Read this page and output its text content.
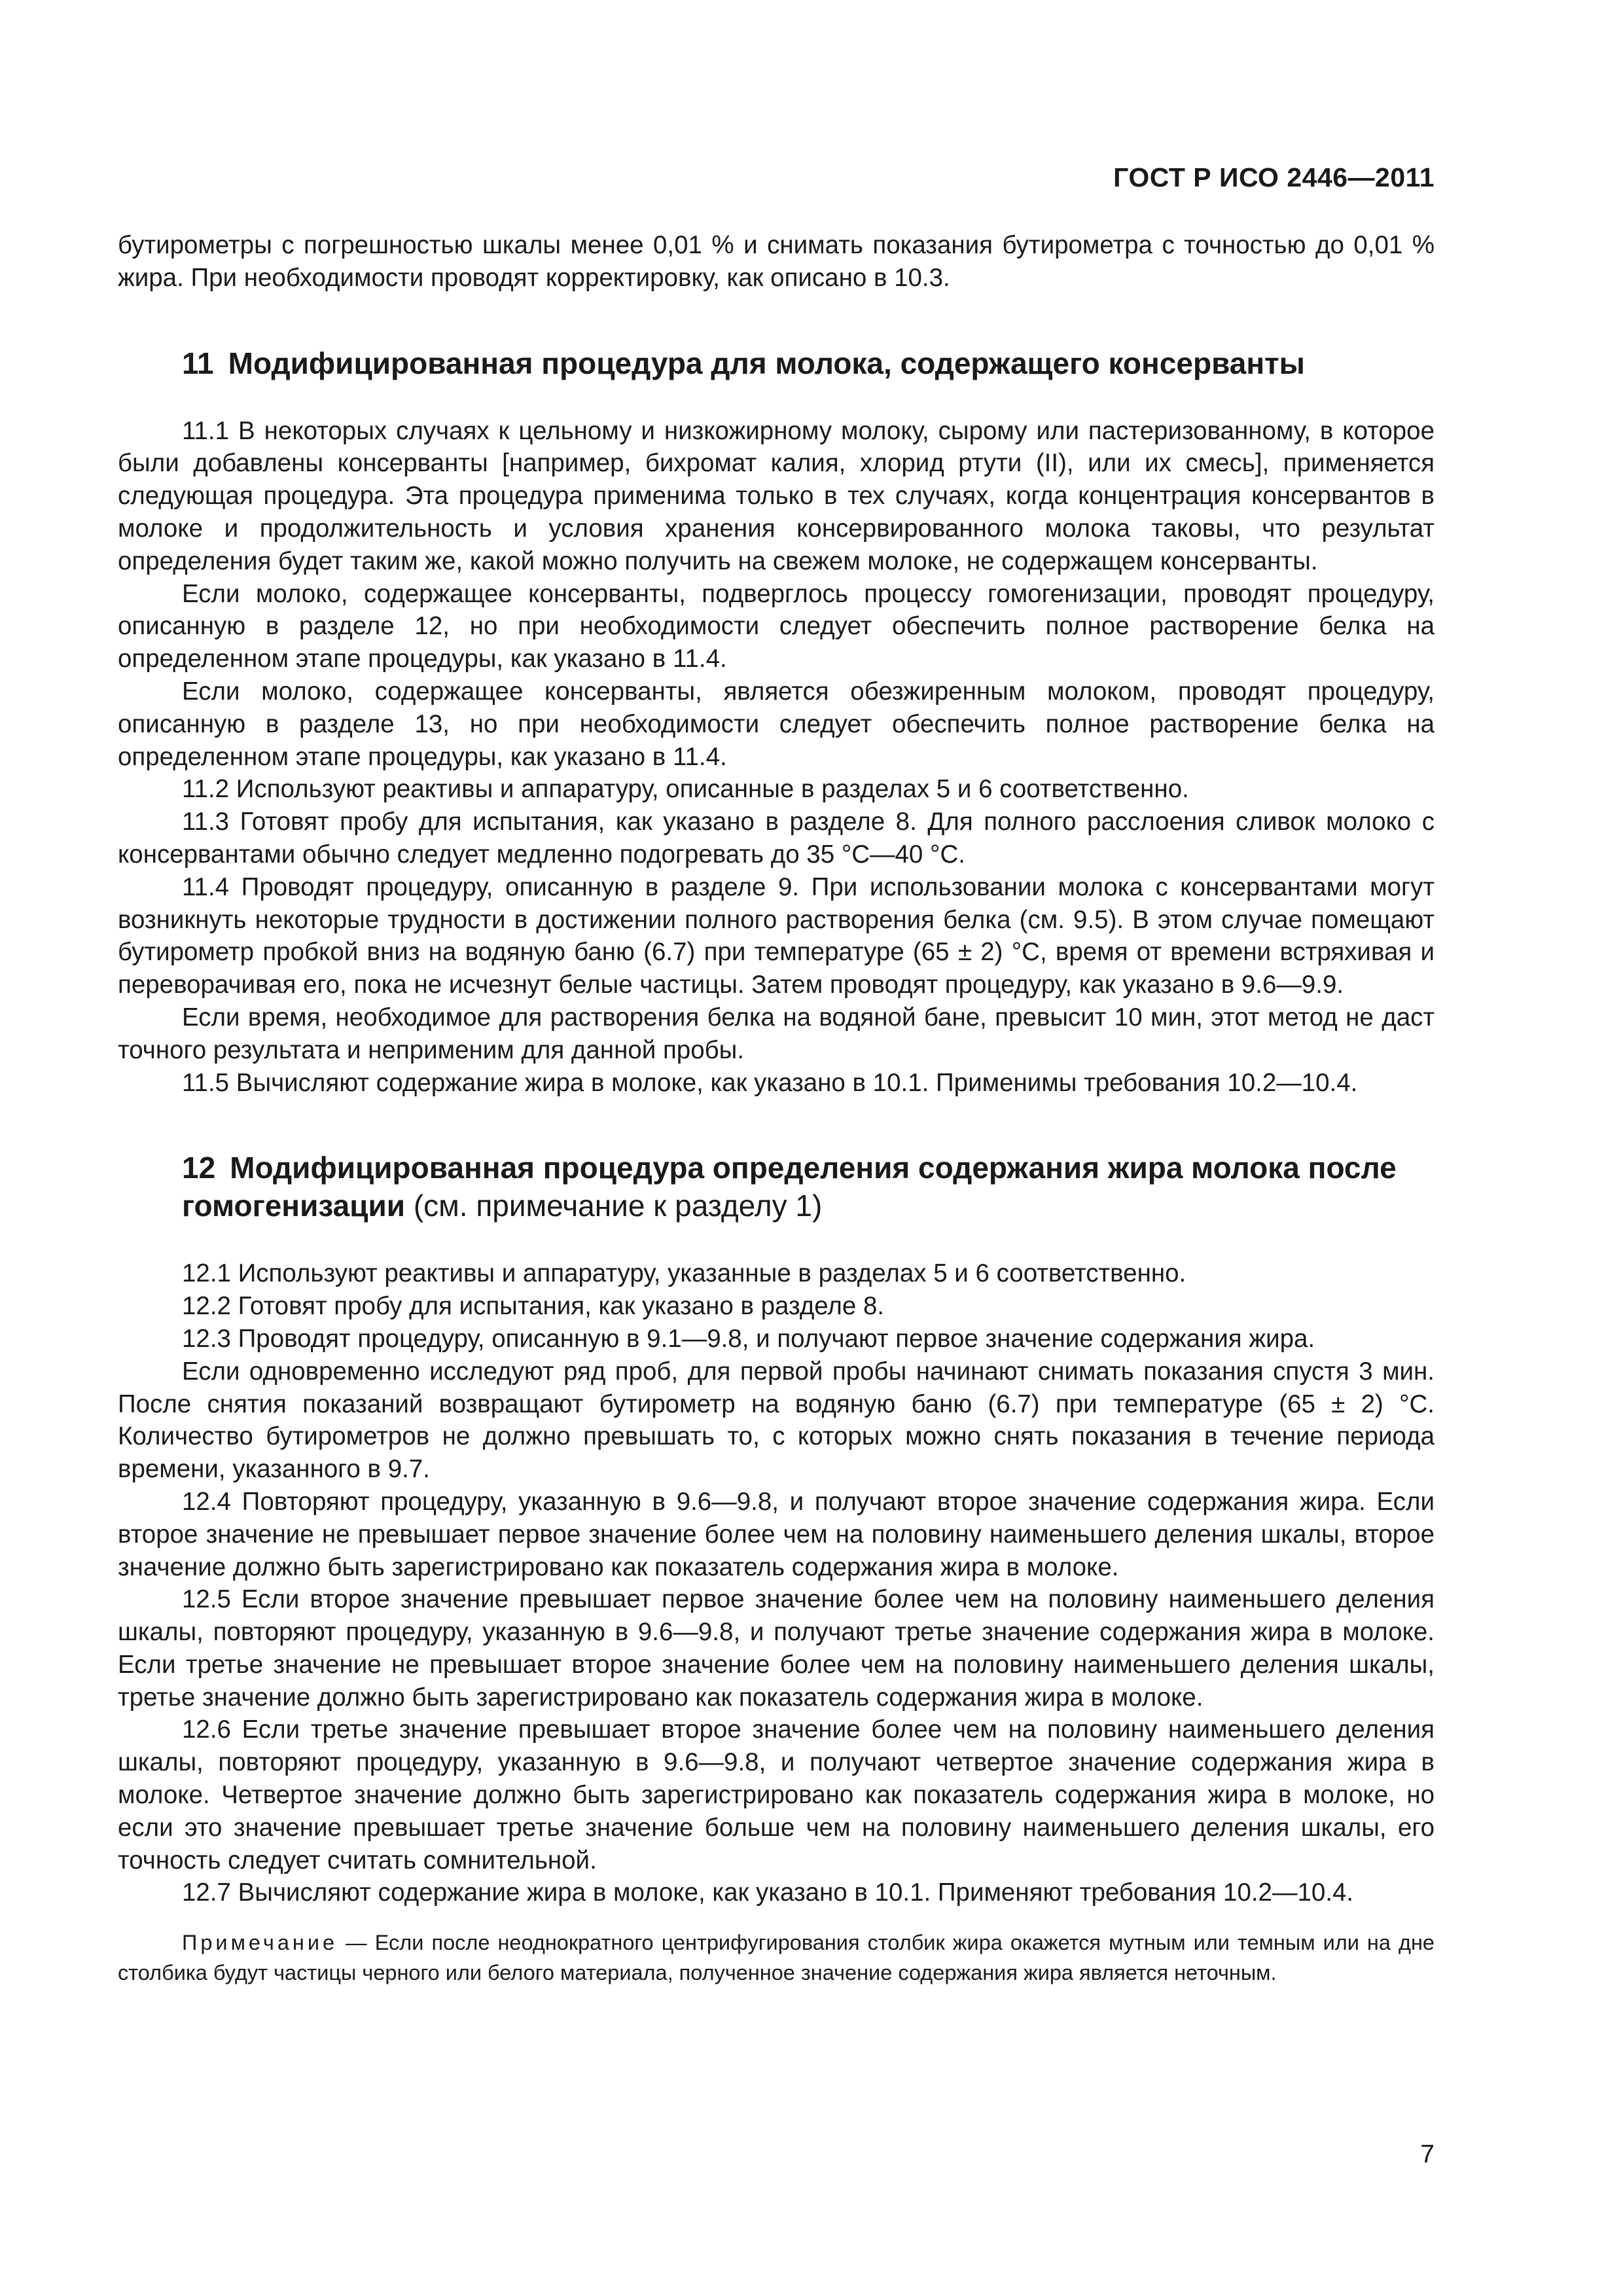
ГОСТ Р ИСО 2446—2011

бутирометры с погрешностью шкалы менее 0,01 % и снимать показания бутирометра с точностью до 0,01 % жира. При необходимости проводят корректировку, как описано в 10.3.

11 Модифицированная процедура для молока, содержащего консерванты

11.1 В некоторых случаях к цельному и низкожирному молоку, сырому или пастеризованному, в которое были добавлены консерванты [например, бихромат калия, хлорид ртути (II), или их смесь], применяется следующая процедура. Эта процедура применима только в тех случаях, когда концентрация консервантов в молоке и продолжительность и условия хранения консервированного молока таковы, что результат определения будет таким же, какой можно получить на свежем молоке, не содержащем консерванты.

Если молоко, содержащее консерванты, подверглось процессу гомогенизации, проводят процедуру, описанную в разделе 12, но при необходимости следует обеспечить полное растворение белка на определенном этапе процедуры, как указано в 11.4.

Если молоко, содержащее консерванты, является обезжиренным молоком, проводят процедуру, описанную в разделе 13, но при необходимости следует обеспечить полное растворение белка на определенном этапе процедуры, как указано в 11.4.

11.2 Используют реактивы и аппаратуру, описанные в разделах 5 и 6 соответственно.

11.3 Готовят пробу для испытания, как указано в разделе 8. Для полного расслоения сливок молоко с консервантами обычно следует медленно подогревать до 35 °С—40 °С.

11.4 Проводят процедуру, описанную в разделе 9. При использовании молока с консервантами могут возникнуть некоторые трудности в достижении полного растворения белка (см. 9.5). В этом случае помещают бутирометр пробкой вниз на водяную баню (6.7) при температуре (65 ± 2) °С, время от времени встряхивая и переворачивая его, пока не исчезнут белые частицы. Затем проводят процедуру, как указано в 9.6—9.9.

Если время, необходимое для растворения белка на водяной бане, превысит 10 мин, этот метод не даст точного результата и неприменим для данной пробы.

11.5 Вычисляют содержание жира в молоке, как указано в 10.1. Применимы требования 10.2—10.4.

12 Модифицированная процедура определения содержания жира молока после гомогенизации (см. примечание к разделу 1)

12.1 Используют реактивы и аппаратуру, указанные в разделах 5 и 6 соответственно.

12.2 Готовят пробу для испытания, как указано в разделе 8.

12.3 Проводят процедуру, описанную в 9.1—9.8, и получают первое значение содержания жира.

Если одновременно исследуют ряд проб, для первой пробы начинают снимать показания спустя 3 мин. После снятия показаний возвращают бутирометр на водяную баню (6.7) при температуре (65 ± 2) °С. Количество бутирометров не должно превышать то, с которых можно снять показания в течение периода времени, указанного в 9.7.

12.4 Повторяют процедуру, указанную в 9.6—9.8, и получают второе значение содержания жира. Если второе значение не превышает первое значение более чем на половину наименьшего деления шкалы, второе значение должно быть зарегистрировано как показатель содержания жира в молоке.

12.5 Если второе значение превышает первое значение более чем на половину наименьшего деления шкалы, повторяют процедуру, указанную в 9.6—9.8, и получают третье значение содержания жира в молоке. Если третье значение не превышает второе значение более чем на половину наименьшего деления шкалы, третье значение должно быть зарегистрировано как показатель содержания жира в молоке.

12.6 Если третье значение превышает второе значение более чем на половину наименьшего деления шкалы, повторяют процедуру, указанную в 9.6—9.8, и получают четвертое значение содержания жира в молоке. Четвертое значение должно быть зарегистрировано как показатель содержания жира в молоке, но если это значение превышает третье значение больше чем на половину наименьшего деления шкалы, его точность следует считать сомнительной.

12.7 Вычисляют содержание жира в молоке, как указано в 10.1. Применяют требования 10.2—10.4.

Примечание — Если после неоднократного центрифугирования столбик жира окажется мутным или темным или на дне столбика будут частицы черного или белого материала, полученное значение содержания жира является неточным.

7
